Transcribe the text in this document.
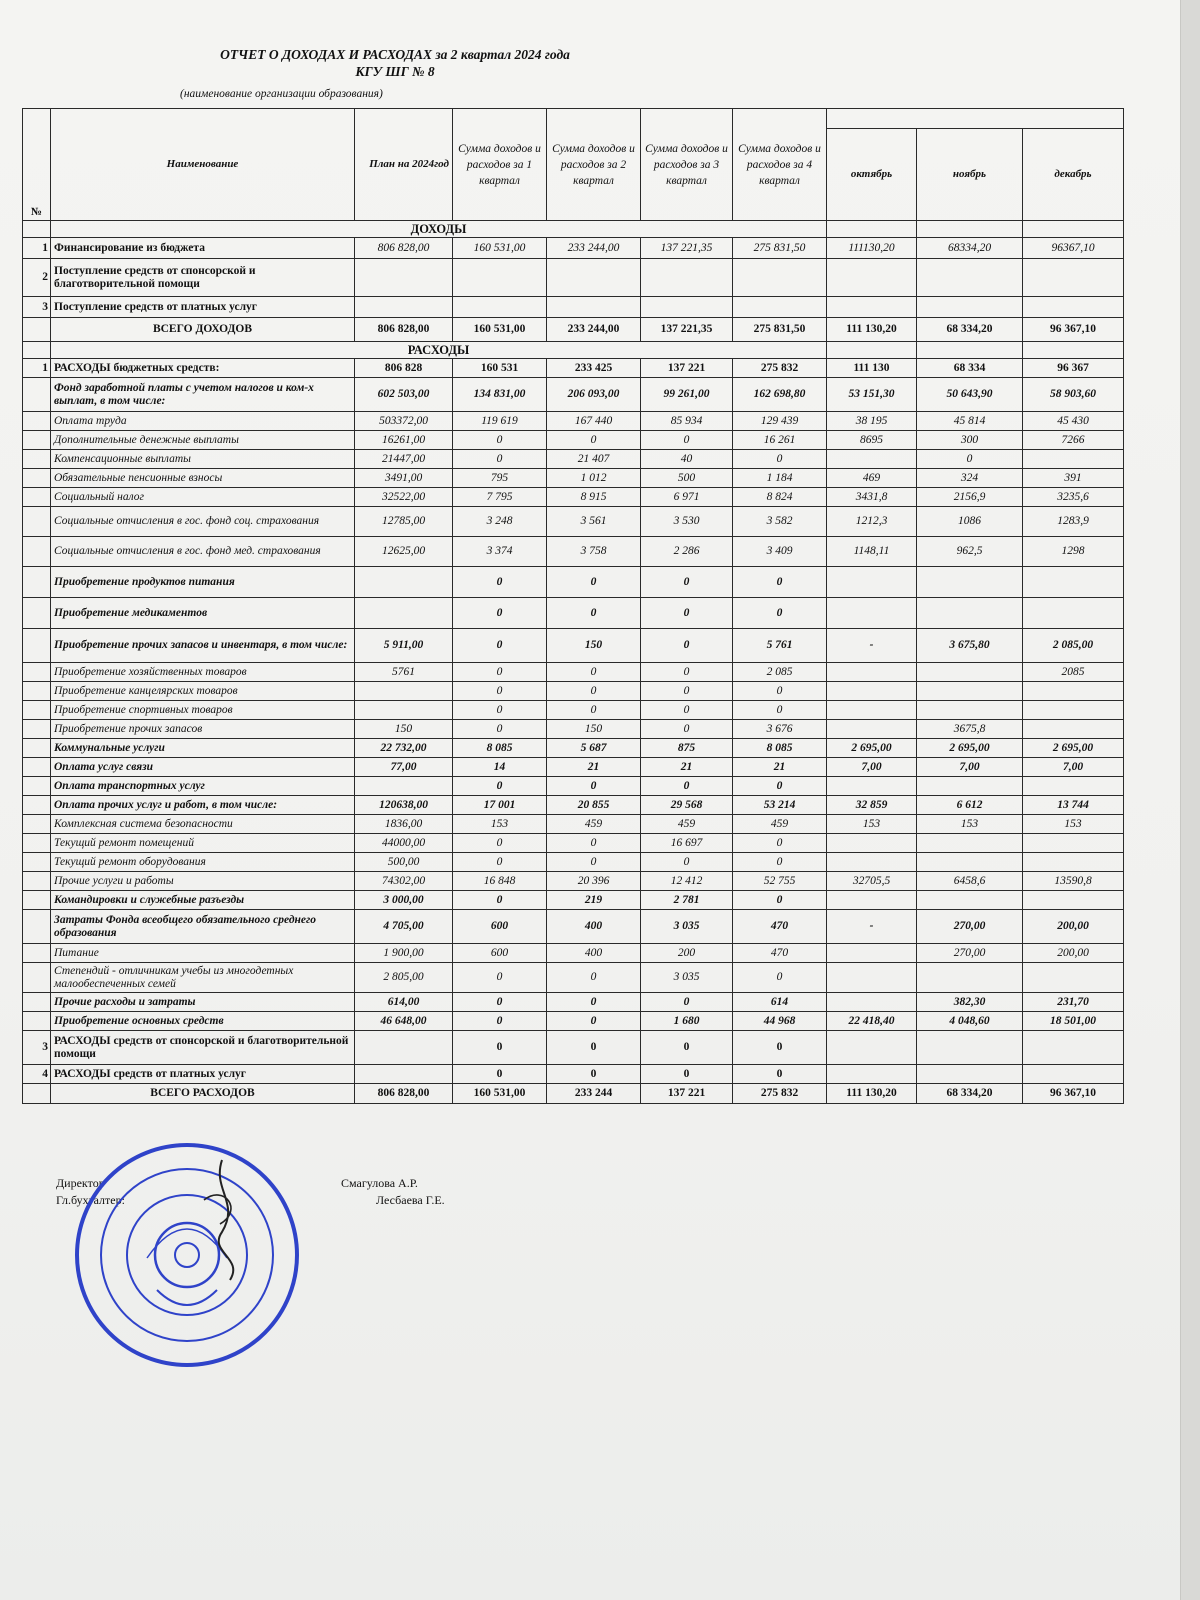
ОТЧЕТ О ДОХОДАХ И РАСХОДАХ за 2 квартал 2024 года
КГУ ШГ № 8
(наименование организации образования)
№	Наименование	План на 2024год	Сумма доходов и расходов за 1 квартал	Сумма доходов и расходов за 2 квартал	Сумма доходов и расходов за 3 квартал	Сумма доходов и расходов за 4 квартал			
							октябрь	ноябрь	декабрь
	ДОХОДЫ								
1	Финансирование из бюджета	806 828,00	160 531,00	233 244,00	137 221,35	275 831,50	111130,20	68334,20	96367,10
2	Поступление средств от спонсорской и благотворительной помощи								
3	Поступление средств от платных услуг								
	ВСЕГО ДОХОДОВ	806 828,00	160 531,00	233 244,00	137 221,35	275 831,50	111 130,20	68 334,20	96 367,10
	РАСХОДЫ								
1	РАСХОДЫ бюджетных средств:	806 828	160 531	233 425	137 221	275 832	111 130	68 334	96 367
	Фонд заработной платы с учетом налогов и ком-х выплат, в том числе:	602 503,00	134 831,00	206 093,00	99 261,00	162 698,80	53 151,30	50 643,90	58 903,60
	Оплата труда	503372,00	119 619	167 440	85 934	129 439	38 195	45 814	45 430
	Дополнительные денежные выплаты	16261,00	0	0	0	16 261	8695	300	7266
	Компенсационные выплаты	21447,00	0	21 407	40	0		0	
	Обязательные пенсионные взносы	3491,00	795	1 012	500	1 184	469	324	391
	Социальный налог	32522,00	7 795	8 915	6 971	8 824	3431,8	2156,9	3235,6
	Социальные отчисления в гос. фонд соц. страхования	12785,00	3 248	3 561	3 530	3 582	1212,3	1086	1283,9
	Социальные отчисления в гос. фонд мед. страхования	12625,00	3 374	3 758	2 286	3 409	1148,11	962,5	1298
	Приобретение продуктов питания		0	0	0	0			
	Приобретение медикаментов		0	0	0	0			
	Приобретение прочих запасов и инвентаря, в том числе:	5 911,00	0	150	0	5 761	-	3 675,80	2 085,00
	Приобретение хозяйственных товаров	5761	0	0	0	2 085			2085
	Приобретение канцелярских товаров		0	0	0	0			
	Приобретение спортивных товаров		0	0	0	0			
	Приобретение прочих запасов	150	0	150	0	3 676		3675,8	
	Коммунальные услуги	22 732,00	8 085	5 687	875	8 085	2 695,00	2 695,00	2 695,00
	Оплата услуг связи	77,00	14	21	21	21	7,00	7,00	7,00
	Оплата транспортных услуг		0	0	0	0			
	Оплата прочих услуг и работ, в том числе:	120638,00	17 001	20 855	29 568	53 214	32 859	6 612	13 744
	Комплексная система безопасности	1836,00	153	459	459	459	153	153	153
	Текущий ремонт помещений	44000,00	0	0	16 697	0			
	Текущий ремонт оборудования	500,00	0	0	0	0			
	Прочие услуги и работы	74302,00	16 848	20 396	12 412	52 755	32705,5	6458,6	13590,8
	Командировки и служебные разъезды	3 000,00	0	219	2 781	0			
	Затраты Фонда всеобщего обязательного среднего образования	4 705,00	600	400	3 035	470	-	270,00	200,00
	Питание	1 900,00	600	400	200	470		270,00	200,00
	Степендий - отличникам учебы из многодетных малообеспеченных семей	2 805,00	0	0	3 035	0			
	Прочие расходы и затраты	614,00	0	0	0	614		382,30	231,70
	Приобретение основных средств	46 648,00	0	0	1 680	44 968	22 418,40	4 048,60	18 501,00
3	РАСХОДЫ средств от спонсорской и благотворительной помощи		0	0	0	0			
4	РАСХОДЫ средств от платных услуг		0	0	0	0			
	ВСЕГО РАСХОДОВ	806 828,00	160 531,00	233 244	137 221	275 832	111 130,20	68 334,20	96 367,10
Директор	Смагулова А.Р.
Гл.бухгалтер:	Лесбаева Г.Е.
